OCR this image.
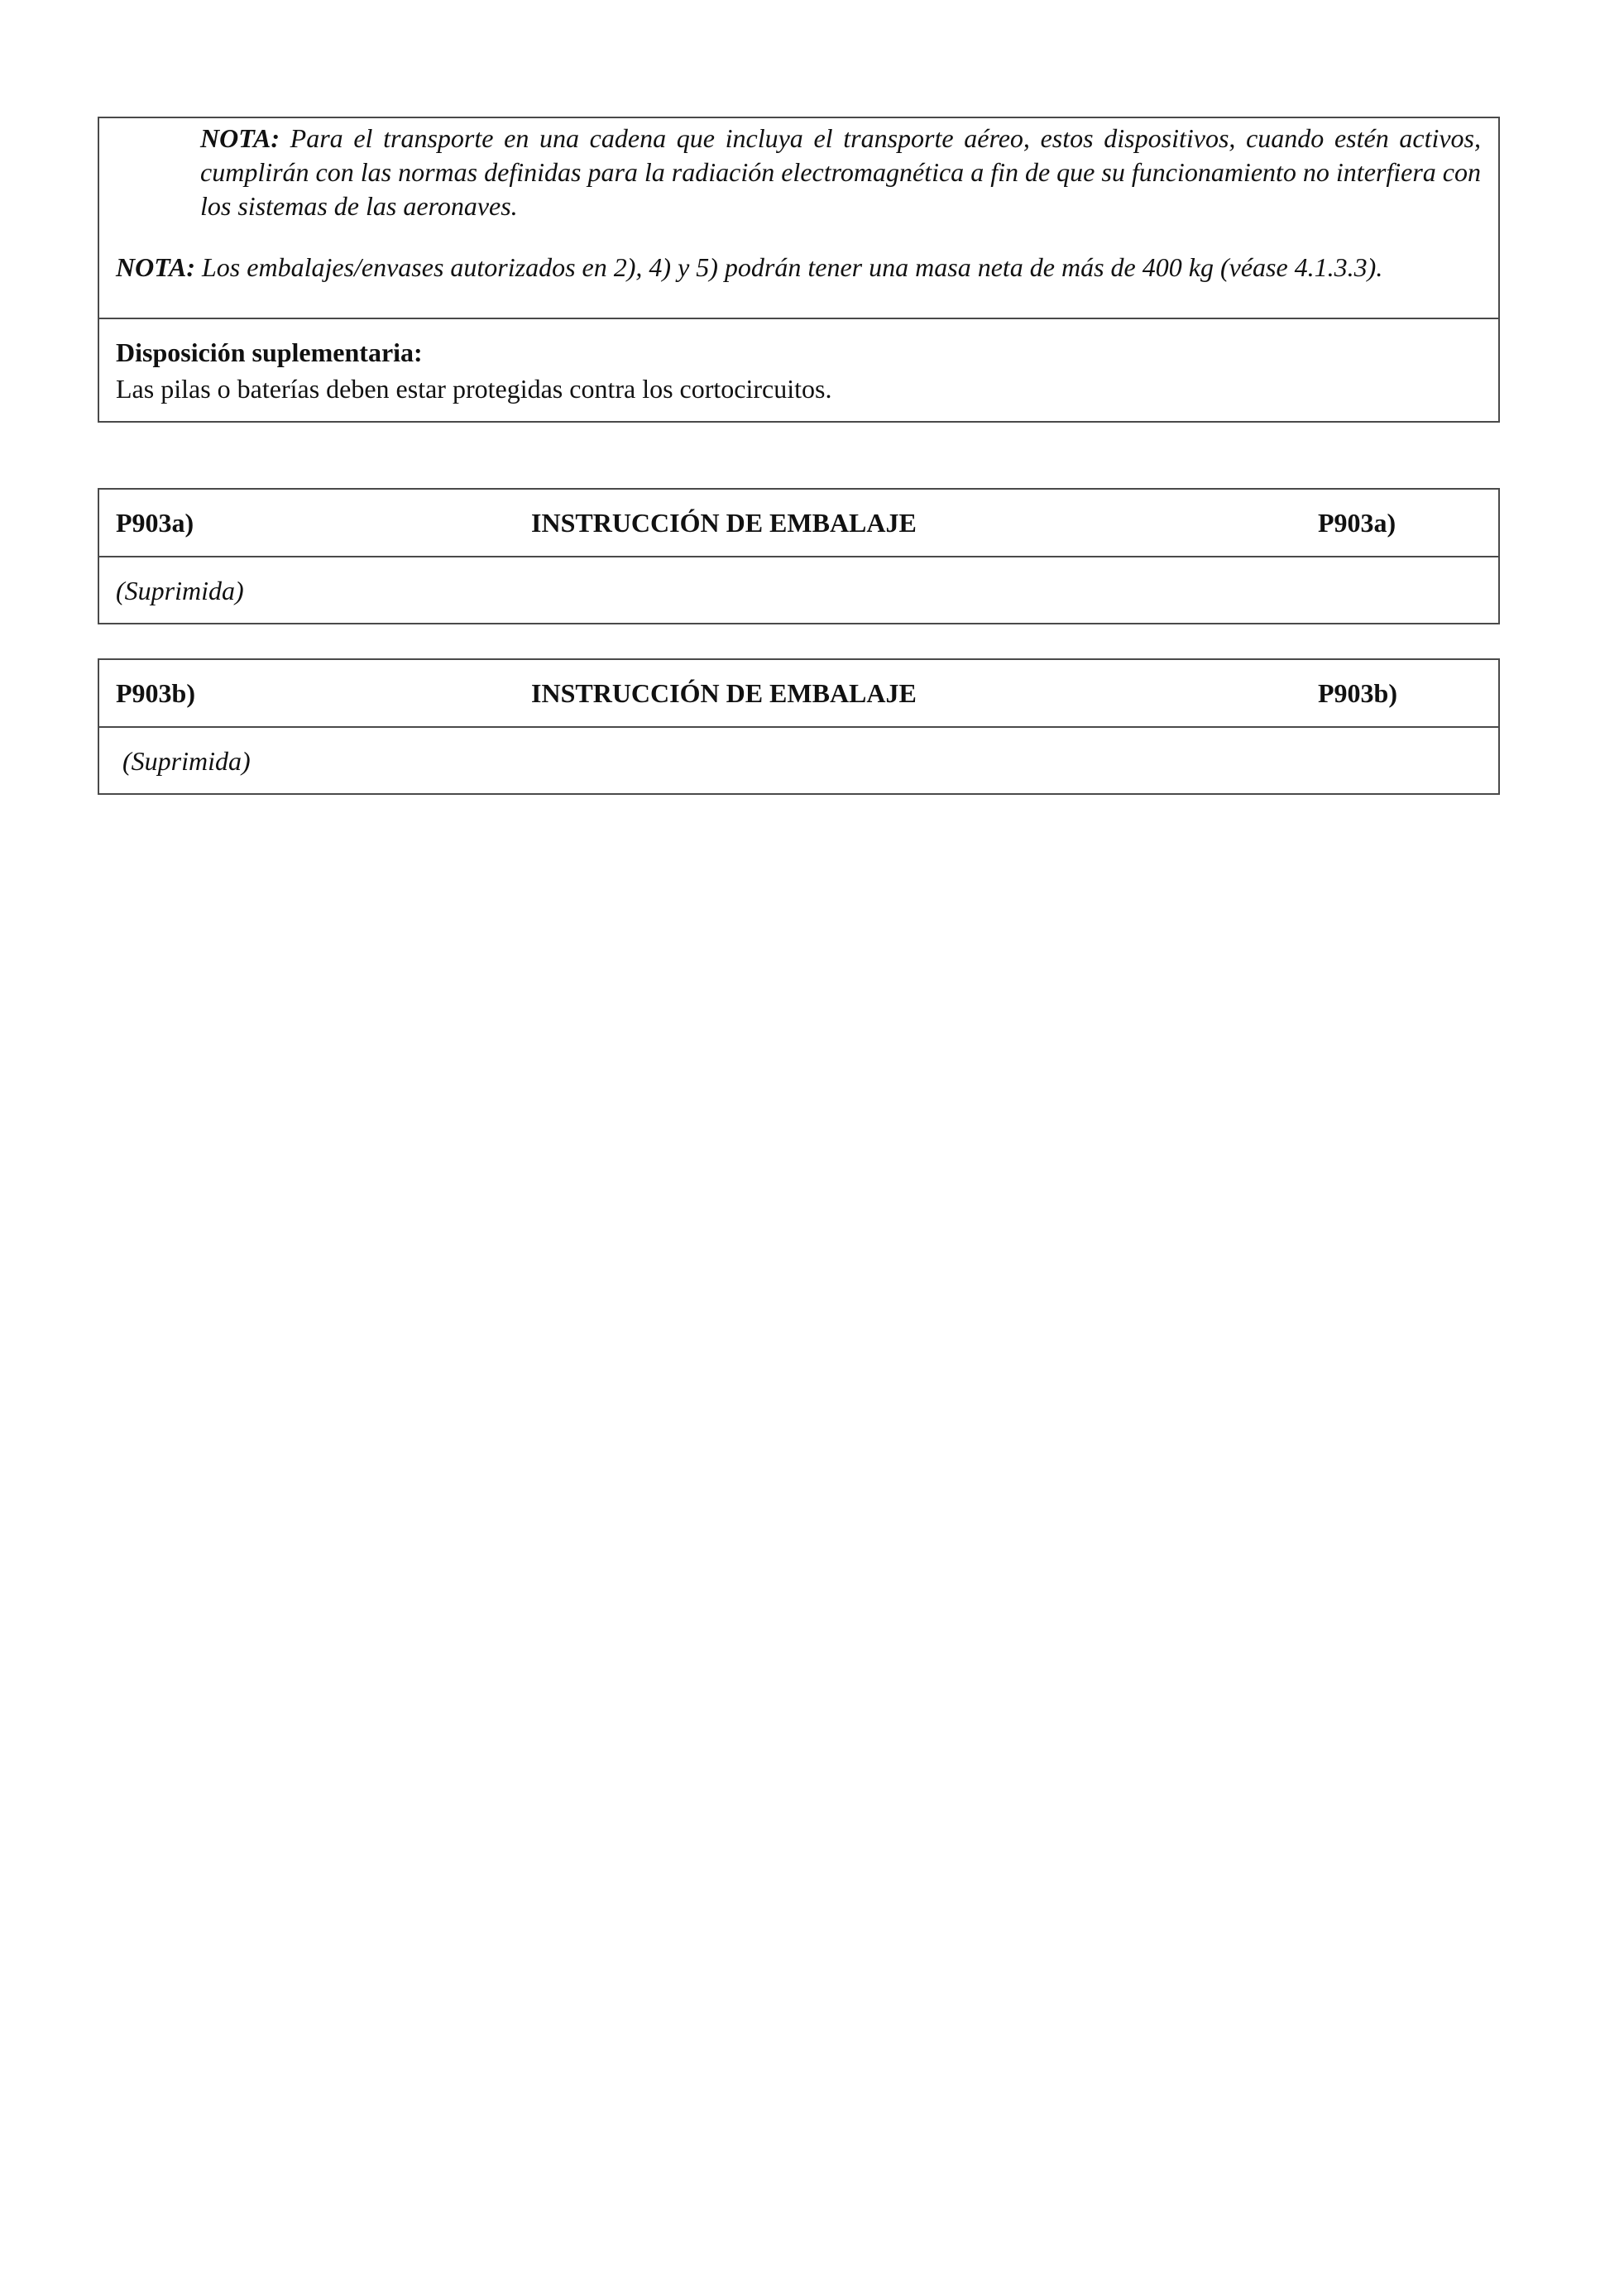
NOTA: Para el transporte en una cadena que incluya el transporte aéreo, estos dispositivos, cuando estén activos, cumplirán con las normas definidas para la radiación electromagnética a fin de que su funcionamiento no interfiera con los sistemas de las aeronaves.
NOTA: Los embalajes/envases autorizados en 2), 4) y 5) podrán tener una masa neta de más de 400 kg (véase 4.1.3.3).
Disposición suplementaria:
Las pilas o baterías deben estar protegidas contra los cortocircuitos.
P903a)	INSTRUCCIÓN DE EMBALAJE	P903a)
(Suprimida)
P903b)	INSTRUCCIÓN DE EMBALAJE	P903b)
(Suprimida)
